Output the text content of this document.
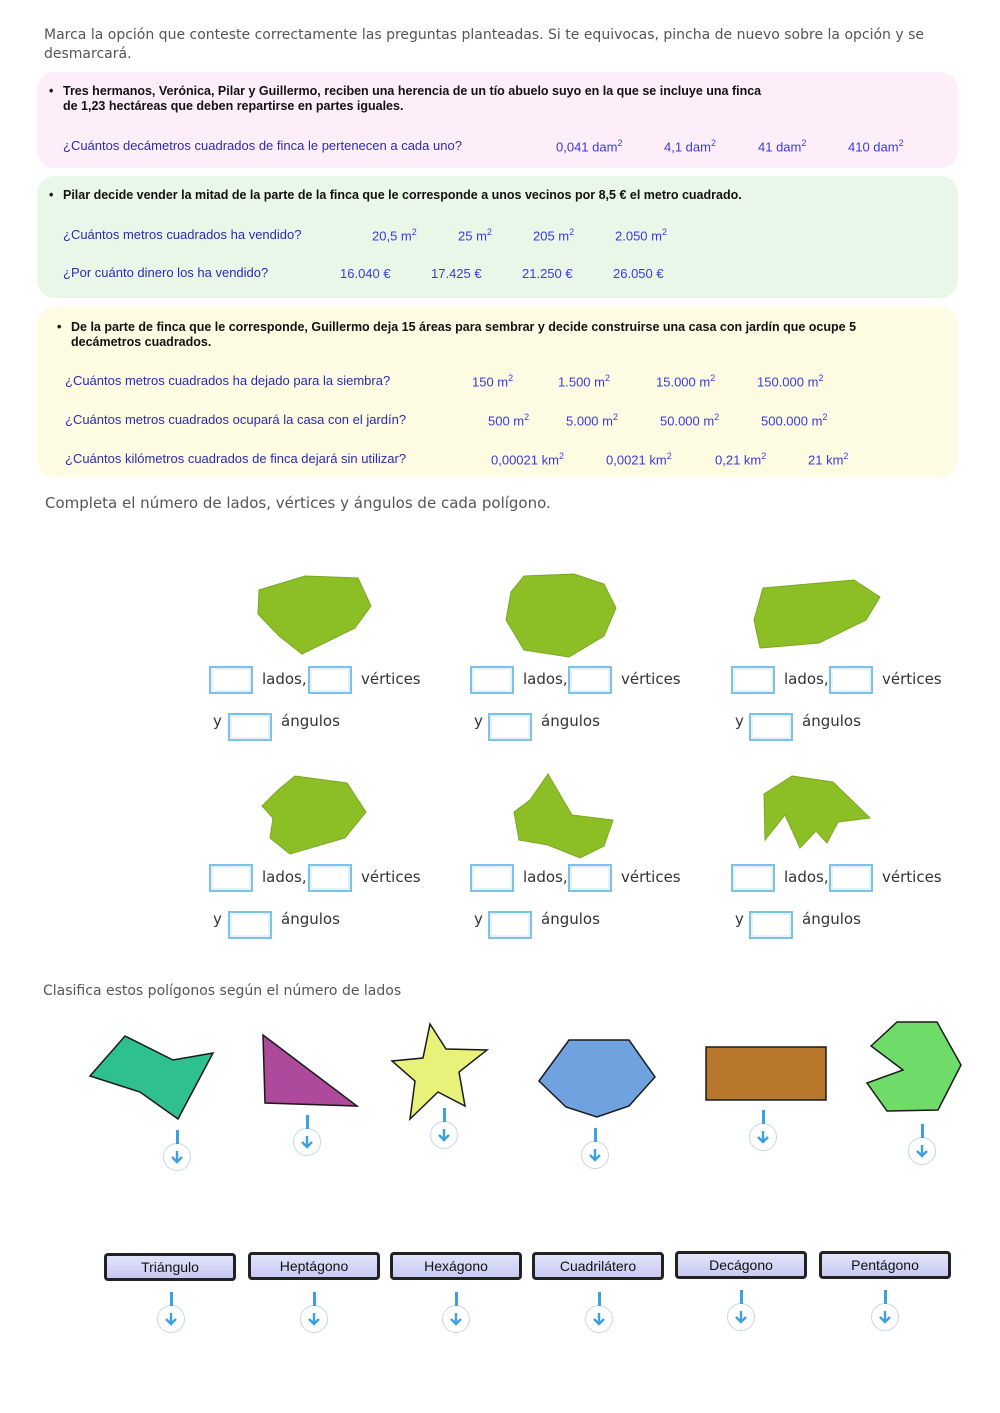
Marca la opción que conteste correctamente las preguntas planteadas. Si te equivocas, pincha de nuevo sobre la opción y se desmarcará.
• Tres hermanos, Verónica, Pilar y Guillermo, reciben una herencia de un tío abuelo suyo en la que se incluye una finca
de 1,23 hectáreas que deben repartirse en partes iguales.
¿Cuántos decámetros cuadrados de finca le pertenecen a cada uno?	0,041 dam$^2$	4,1 dam$^2$	41 dam$^2$	410 dam$^2$
• Pilar decide vender la mitad de la parte de la finca que le corresponde a unos vecinos por 8,5 € el metro cuadrado.
¿Cuántos metros cuadrados ha vendido?	20,5 $m^2$	25 $m^2$	205 $m^2$	2.050 $m^2$
¿Por cuánto dinero los ha vendido?	16.040 €	17.425 €	21.250 €	26.050 €
• De la parte de finca que le corresponde, Guillermo deja 15 áreas para sembrar y decide construirse una casa con jardín que ocupe 5
decámetros cuadrados.
¿Cuántos metros cuadrados ha dejado para la siembra?	150 $m^2$	1.500 $m^2$	15.000 $m^2$	150.000 $m^2$
¿Cuántos metros cuadrados ocupará la casa con el jardín?	500 $m^2$	5.000 $m^2$	50.000 $m^2$	500.000 $m^2$
¿Cuántos kilómetros cuadrados de finca dejará sin utilizar?	0,00021 $km^2$	0,0021 $km^2$	0,21 $km^2$	21 $km^2$
Completa el número de lados, vértices y ángulos de cada polígono.
lados,	vértices
y	ángulos
lados,	vértices
y	ángulos
lados,	vértices
y	ángulos
lados,	vértices
y	ángulos
lados,	vértices
y	ángulos
lados,	vértices
y	ángulos
Clasifica estos polígonos según el número de lados
Triángulo	Heptágono	Hexágono	Cuadrilátero	Decágono	Pentágono
